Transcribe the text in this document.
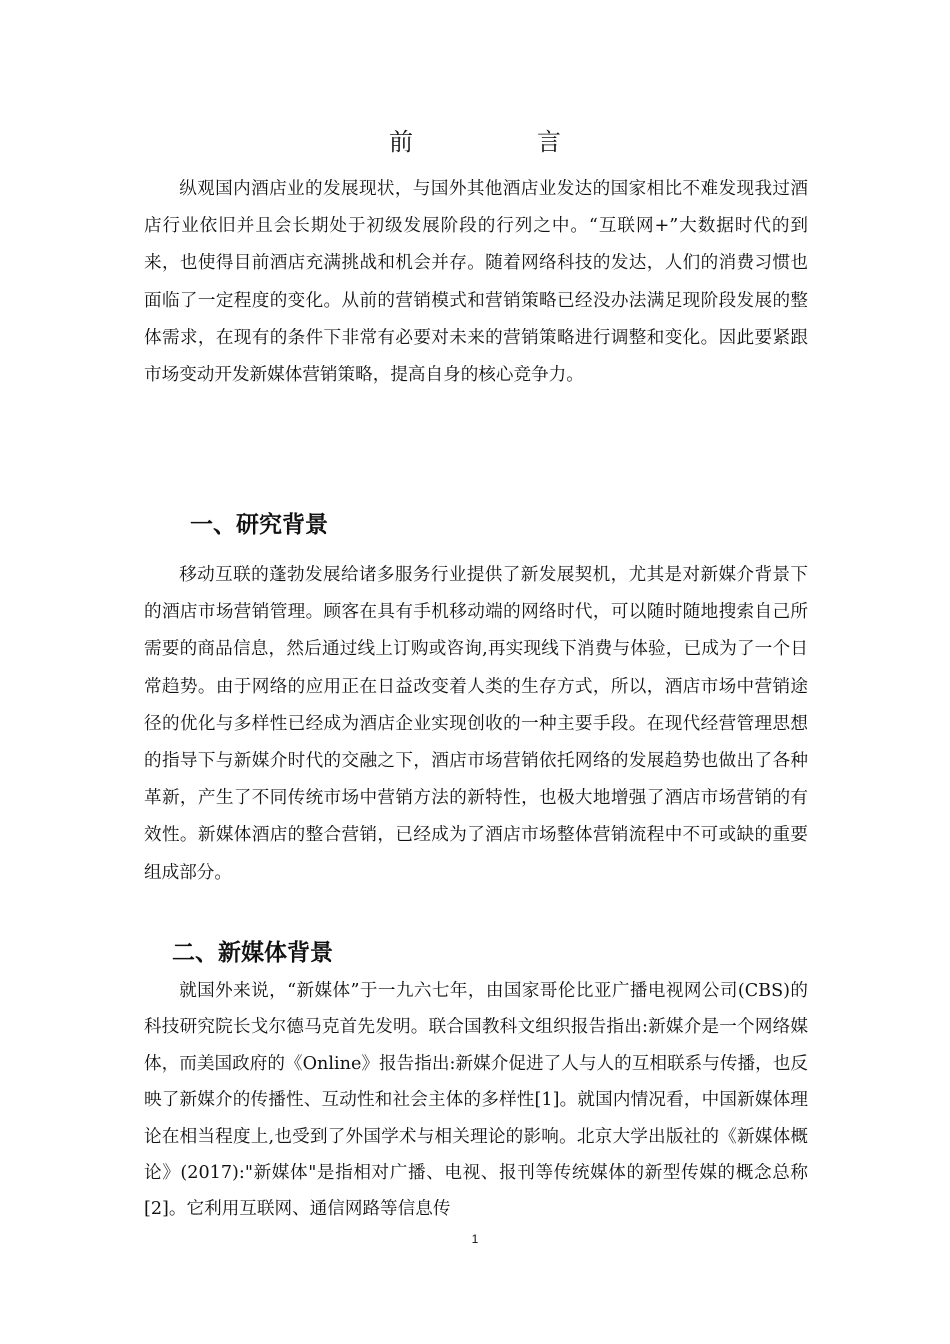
前　言

纵观国内酒店业的发展现状，与国外其他酒店业发达的国家相比不难发现我过酒店行业依旧并且会长期处于初级发展阶段的行列之中。“互联网+”大数据时代的到来，也使得目前酒店充满挑战和机会并存。随着网络科技的发达，人们的消费习惯也面临了一定程度的变化。从前的营销模式和营销策略已经没办法满足现阶段发展的整体需求，在现有的条件下非常有必要对未来的营销策略进行调整和变化。因此要紧跟市场变动开发新媒体营销策略，提高自身的核心竞争力。

一、研究背景

移动互联的蓬勃发展给诸多服务行业提供了新发展契机，尤其是对新媒介背景下的酒店市场营销管理。顾客在具有手机移动端的网络时代，可以随时随地搜索自己所需要的商品信息，然后通过线上订购或咨询,再实现线下消费与体验，已成为了一个日常趋势。由于网络的应用正在日益改变着人类的生存方式，所以，酒店市场中营销途径的优化与多样性已经成为酒店企业实现创收的一种主要手段。在现代经营管理思想的指导下与新媒介时代的交融之下，酒店市场营销依托网络的发展趋势也做出了各种革新，产生了不同传统市场中营销方法的新特性，也极大地增强了酒店市场营销的有效性。新媒体酒店的整合营销，已经成为了酒店市场整体营销流程中不可或缺的重要组成部分。

二、新媒体背景

就国外来说，“新媒体”于一九六七年，由国家哥伦比亚广播电视网公司(CBS)的科技研究院长戈尔德马克首先发明。联合国教科文组织报告指出:新媒介是一个网络媒体，而美国政府的《Online》报告指出:新媒介促进了人与人的互相联系与传播，也反映了新媒介的传播性、互动性和社会主体的多样性[1]。就国内情况看，中国新媒体理论在相当程度上,也受到了外国学术与相关理论的影响。北京大学出版社的《新媒体概论》(2017):"新媒体"是指相对广播、电视、报刊等传统媒体的新型传媒的概念总称[2]。它利用互联网、通信网路等信息传

1
